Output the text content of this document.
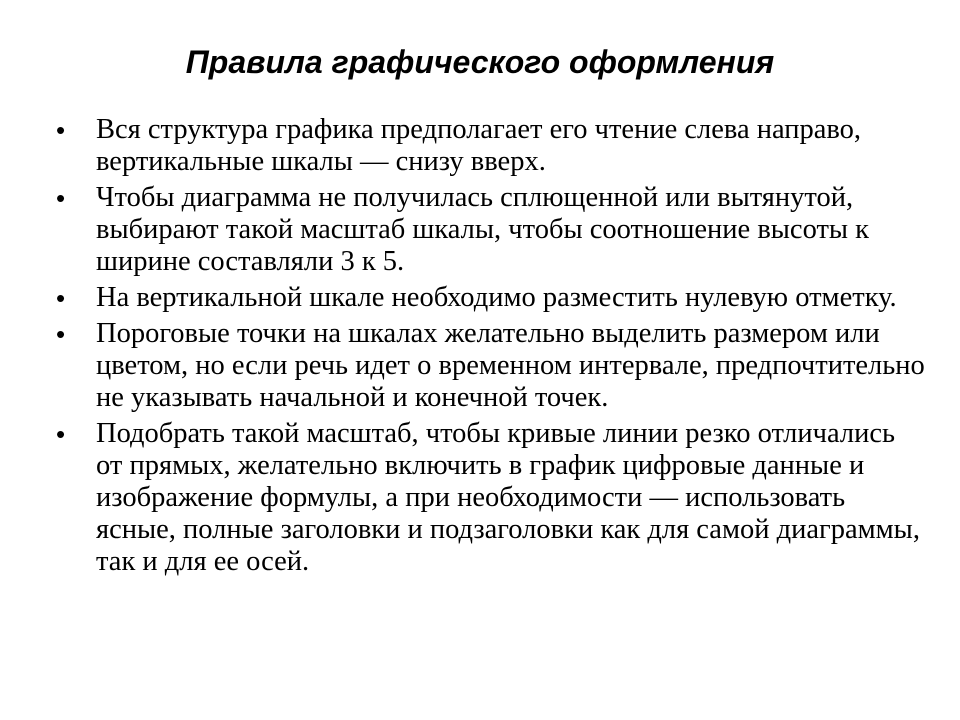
Правила графического оформления
• Вся структура графика предполагает его чтение слева направо, вертикальные шкалы — снизу вверх.
• Чтобы диаграмма не получилась сплющенной или вытянутой, выбирают такой масштаб шкалы, чтобы соотношение высоты к ширине составляли 3 к 5.
• На вертикальной шкале необходимо разместить нулевую отметку.
• Пороговые точки на шкалах желательно выделить размером или цветом, но если речь идет о временном интервале, предпочтительно не указывать начальной и конечной точек.
• Подобрать такой масштаб, чтобы кривые линии резко отличались от прямых, желательно включить в график цифровые данные и изображение формулы, а при необходимости — использовать ясные, полные заголовки и подзаголовки как для самой диаграммы, так и для ее осей.
